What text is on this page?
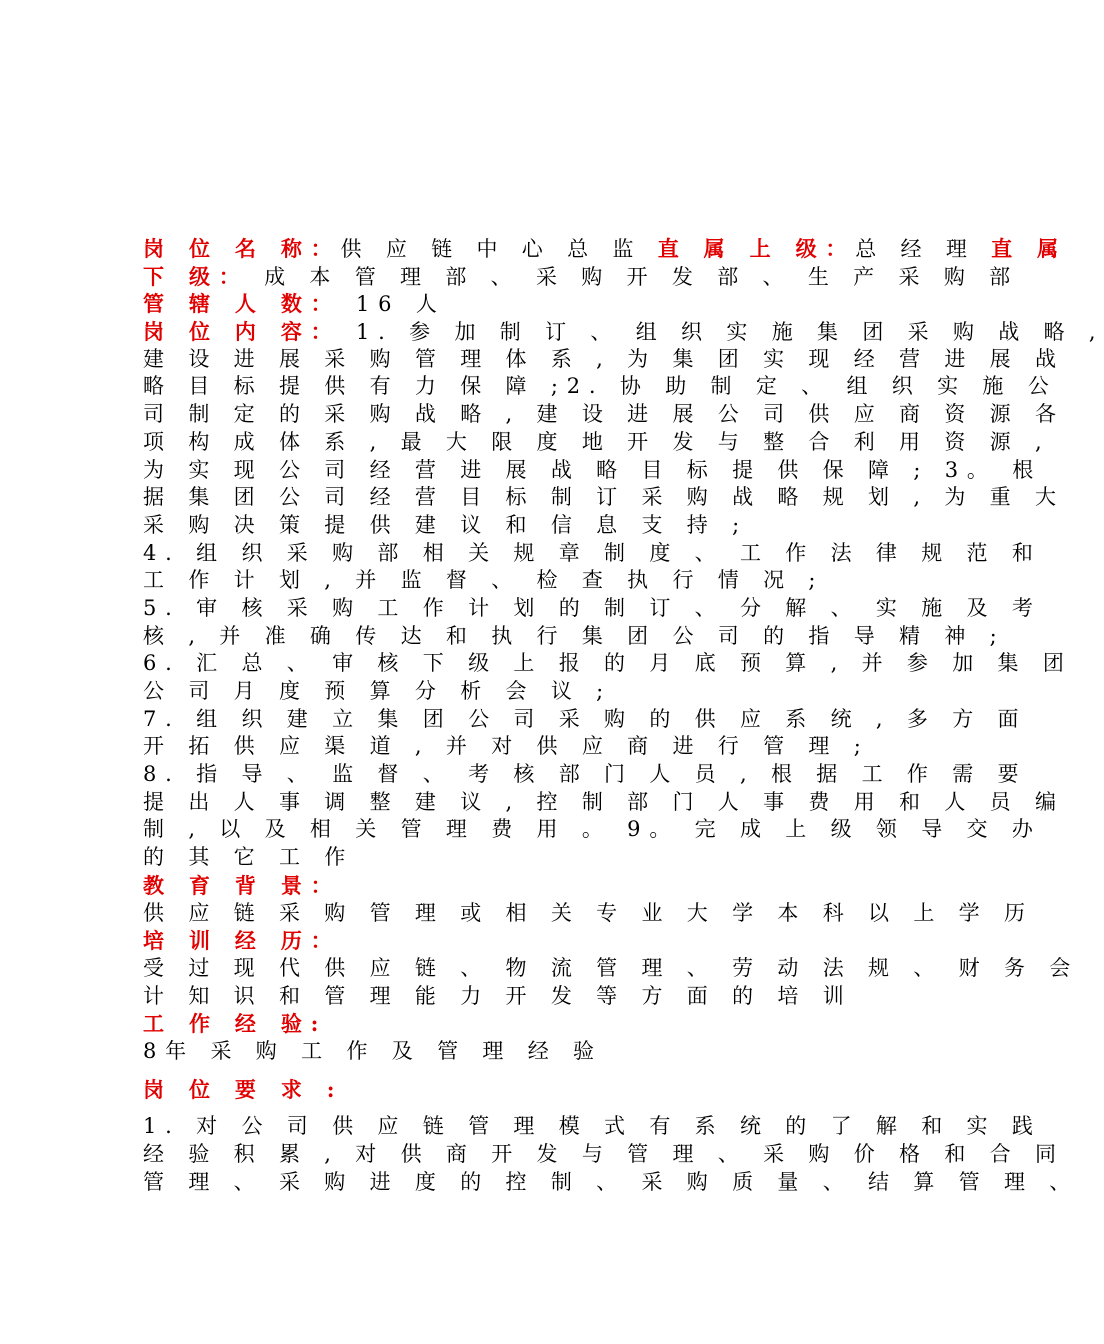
岗 位 名 称：供 应 链 中 心 总 监 直 属 上 级：总 经 理 直 属
下 级： 成 本 管 理 部 、 采 购 开 发 部 、 生 产 采 购 部
管 辖 人 数： 16 人
岗 位 内 容： 1. 参 加 制 订 、 组 织 实 施 集 团 采 购 战 略 ,
建 设 进 展 采 购 管 理 体 系 , 为 集 团 实 现 经 营 进 展 战
略 目 标 提 供 有 力 保 障 ;2. 协 助 制 定 、 组 织 实 施 公
司 制 定 的 采 购 战 略 , 建 设 进 展 公 司 供 应 商 资 源 各
项 构 成 体 系 , 最 大 限 度 地 开 发 与 整 合 利 用 资 源 ,
为 实 现 公 司 经 营 进 展 战 略 目 标 提 供 保 障 ; 3。 根
据 集 团 公 司 经 营 目 标 制 订 采 购 战 略 规 划 , 为 重 大
采 购 决 策 提 供 建 议 和 信 息 支 持 ;
4. 组 织 采 购 部 相 关 规 章 制 度 、 工 作 法 律 规 范 和
工 作 计 划 , 并 监 督 、 检 查 执 行 情 况 ;
5. 审 核 采 购 工 作 计 划 的 制 订 、 分 解 、 实 施 及 考
核 , 并 准 确 传 达 和 执 行 集 团 公 司 的 指 导 精 神 ;
6. 汇 总 、 审 核 下 级 上 报 的 月 底 预 算 , 并 参 加 集 团
公 司 月 度 预 算 分 析 会 议 ;
7. 组 织 建 立 集 团 公 司 采 购 的 供 应 系 统 , 多 方 面
开 拓 供 应 渠 道 , 并 对 供 应 商 进 行 管 理 ;
8. 指 导 、 监 督 、 考 核 部 门 人 员 , 根 据 工 作 需 要
提 出 人 事 调 整 建 议 , 控 制 部 门 人 事 费 用 和 人 员 编
制 , 以 及 相 关 管 理 费 用 。 9。 完 成 上 级 领 导 交 办
的 其 它 工 作
教 育 背 景：
供 应 链 采 购 管 理 或 相 关 专 业 大 学 本 科 以 上 学 历
培 训 经 历：
受 过 现 代 供 应 链 、 物 流 管 理 、 劳 动 法 规 、 财 务 会
计 知 识 和 管 理 能 力 开 发 等 方 面 的 培 训
工 作 经 验:
8年 采 购 工 作 及 管 理 经 验
岗 位 要 求 :
1. 对 公 司 供 应 链 管 理 模 式 有 系 统 的 了 解 和 实 践
经 验 积 累 , 对 供 商 开 发 与 管 理 、 采 购 价 格 和 合 同
管 理 、 采 购 进 度 的 控 制 、 采 购 质 量 、 结 算 管 理 、
